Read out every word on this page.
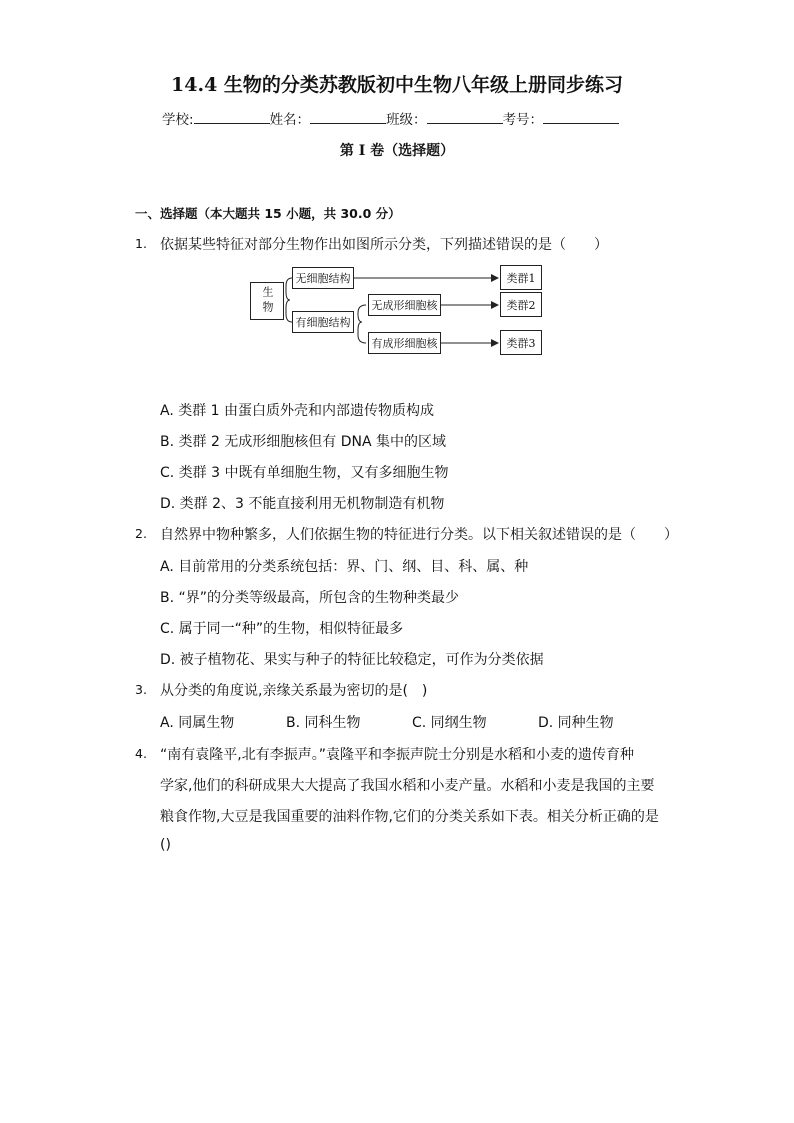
14.4 生物的分类苏教版初中生物八年级上册同步练习
学校:	姓名：	班级：	考号：
第 I 卷（选择题）
一、选择题（本大题共 15 小题，共 30.0 分）
1. 依据某些特征对部分生物作出如图所示分类，下列描述错误的是（　　）
生物
无细胞结构
有细胞结构
无成形细胞核
有成形细胞核
类群1
类群2
类群3
A. 类群 1 由蛋白质外壳和内部遗传物质构成
B. 类群 2 无成形细胞核但有 DNA 集中的区域
C. 类群 3 中既有单细胞生物，又有多细胞生物
D. 类群 2、3 不能直接利用无机物制造有机物
2. 自然界中物种繁多，人们依据生物的特征进行分类。以下相关叙述错误的是（　　）
A. 目前常用的分类系统包括：界、门、纲、目、科、属、种
B. “界”的分类等级最高，所包含的生物种类最少
C. 属于同一“种”的生物，相似特征最多
D. 被子植物花、果实与种子的特征比较稳定，可作为分类依据
3. 从分类的角度说,亲缘关系最为密切的是(　)
A. 同属生物	B. 同科生物	C. 同纲生物	D. 同种生物
4. “南有袁隆平,北有李振声。”袁隆平和李振声院士分别是水稻和小麦的遗传育种
学家,他们的科研成果大大提高了我国水稻和小麦产量。水稻和小麦是我国的主要
粮食作物,大豆是我国重要的油料作物,它们的分类关系如下表。相关分析正确的是
()
